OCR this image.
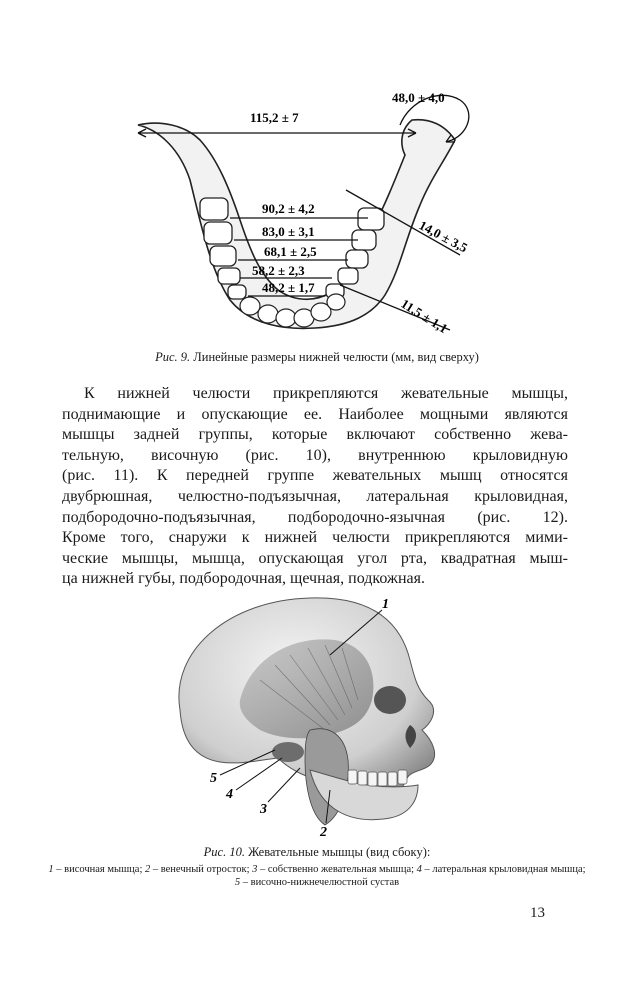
115,2 ± 7
48,0 ± 4,0
90,2 ± 4,2
83,0 ± 3,1
68,1 ± 2,5
58,2 ± 2,3
48,2 ± 1,7
14,0 ± 3,5
11,5 ± 1,1
Рис. 9. Линейные размеры нижней челюсти (мм, вид сверху)
К нижней челюсти прикрепляются жевательные мышцы,
поднимающие и опускающие ее. Наиболее мощными являются
мышцы задней группы, которые включают собственно жева-
тельную, височную (рис. 10), внутреннюю крыловидную
(рис. 11). К передней группе жевательных мышц относятся
двубрюшная, челюстно-подъязычная, латеральная крыловидная,
подбородочно-подъязычная, подбородочно-язычная (рис. 12).
Кроме того, снаружи к нижней челюсти прикрепляются мими-
ческие мышцы, мышца, опускающая угол рта, квадратная мыш-
ца нижней губы, подбородочная, щечная, подкожная.
1
2
3
4
5
Рис. 10. Жевательные мышцы (вид сбоку):
1 – височная мышца; 2 – венечный отросток; 3 – собственно жевательная мышца; 4 – латеральная крыловидная мышца; 5 – височно-нижнечелюстной сустав
13
